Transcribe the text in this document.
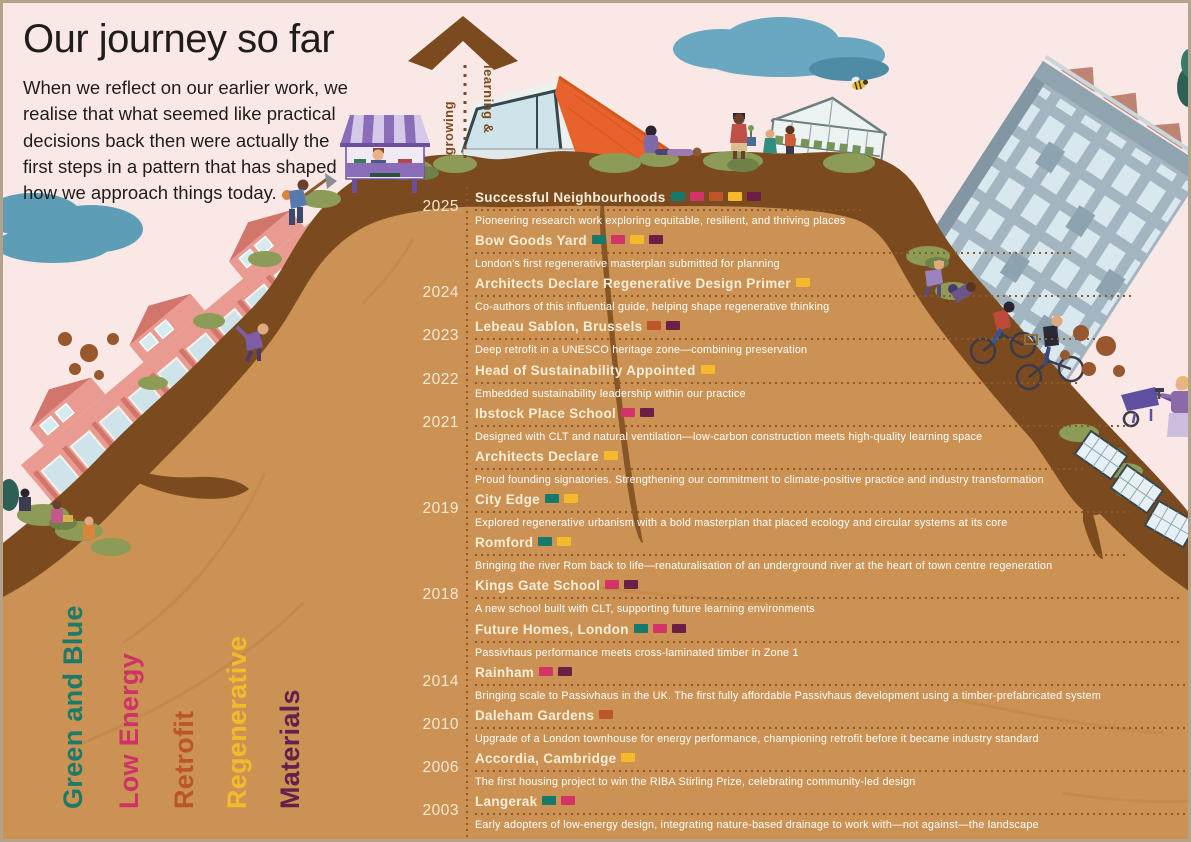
Our journey so far

When we reflect on our earlier work, we realise that what seemed like practical decisions back then were actually the first steps in a pattern that has shaped how we approach things today.

learning &
growing
2025
Successful Neighbourhoods
Pioneering research work exploring equitable, resilient, and thriving places
Bow Goods Yard
London's first regenerative masterplan submitted for planning
2024
Architects Declare Regenerative Design Primer
Co-authors of this influential guide, helping shape regenerative thinking
2023
Lebeau Sablon, Brussels
Deep retrofit in a UNESCO heritage zone—combining preservation
2022
Head of Sustainability Appointed
Embedded sustainability leadership within our practice
2021
Ibstock Place School
Designed with CLT and natural ventilation—low-carbon construction meets high-quality learning space
Architects Declare
Proud founding signatories. Strengthening our commitment to climate-positive practice and industry transformation
2019
City Edge
Explored regenerative urbanism with a bold masterplan that placed ecology and circular systems at its core
Romford
Bringing the river Rom back to life—renaturalisation of an underground river at the heart of town centre regeneration
2018
Kings Gate School
A new school built with CLT, supporting future learning environments
Future Homes, London
Passivhaus performance meets cross-laminated timber in Zone 1
2014
Rainham
Bringing scale to Passivhaus in the UK. The first fully affordable Passivhaus development using a timber-prefabricated system
2010
Daleham Gardens
Upgrade of a London townhouse for energy performance, championing retrofit before it became industry standard
2006
Accordia, Cambridge
The first housing project to win the RIBA Stirling Prize, celebrating community-led design
2003
Langerak
Early adopters of low-energy design, integrating nature-based drainage to work with—not against—the landscape
Green and Blue Low Energy Retrofit Regenerative Materials
